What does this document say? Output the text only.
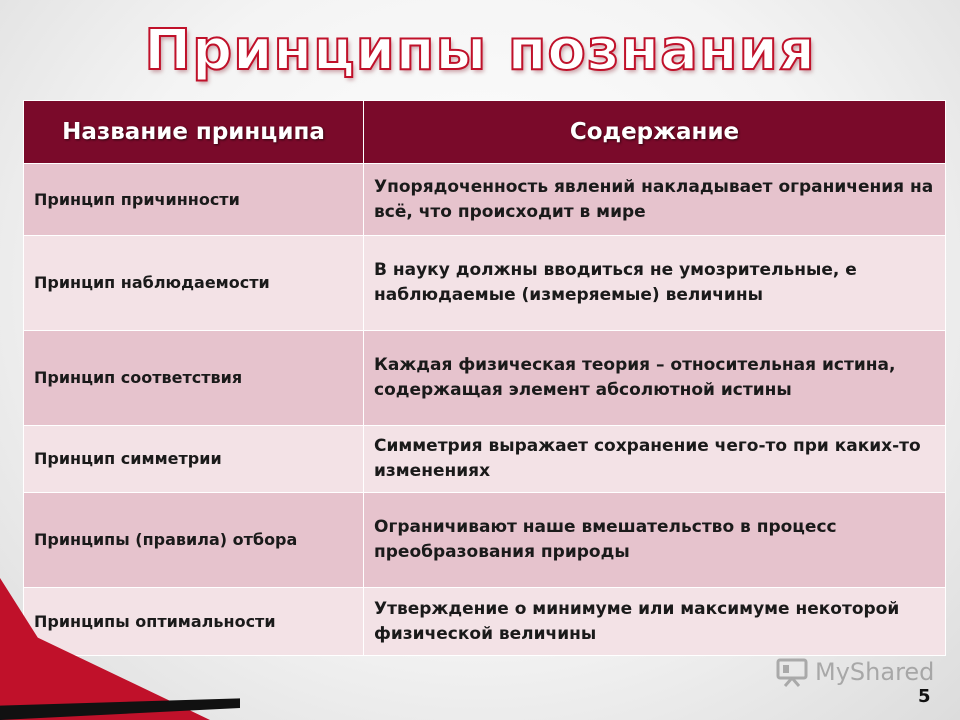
Принципы познания
Название принципа	Содержание
Принцип причинности	Упорядоченность явлений накладывает ограничения на всё, что происходит в мире
Принцип наблюдаемости	В науку должны вводиться не умозрительные, е наблюдаемые (измеряемые) величины
Принцип соответствия	Каждая физическая теория – относительная истина, содержащая элемент абсолютной истины
Принцип симметрии	Симметрия выражает сохранение чего-то при каких-то изменениях
Принципы (правила) отбора	Ограничивают наше вмешательство в процесс преобразования природы
Принципы оптимальности	Утверждение о минимуме или максимуме некоторой физической величины
MyShared
5
